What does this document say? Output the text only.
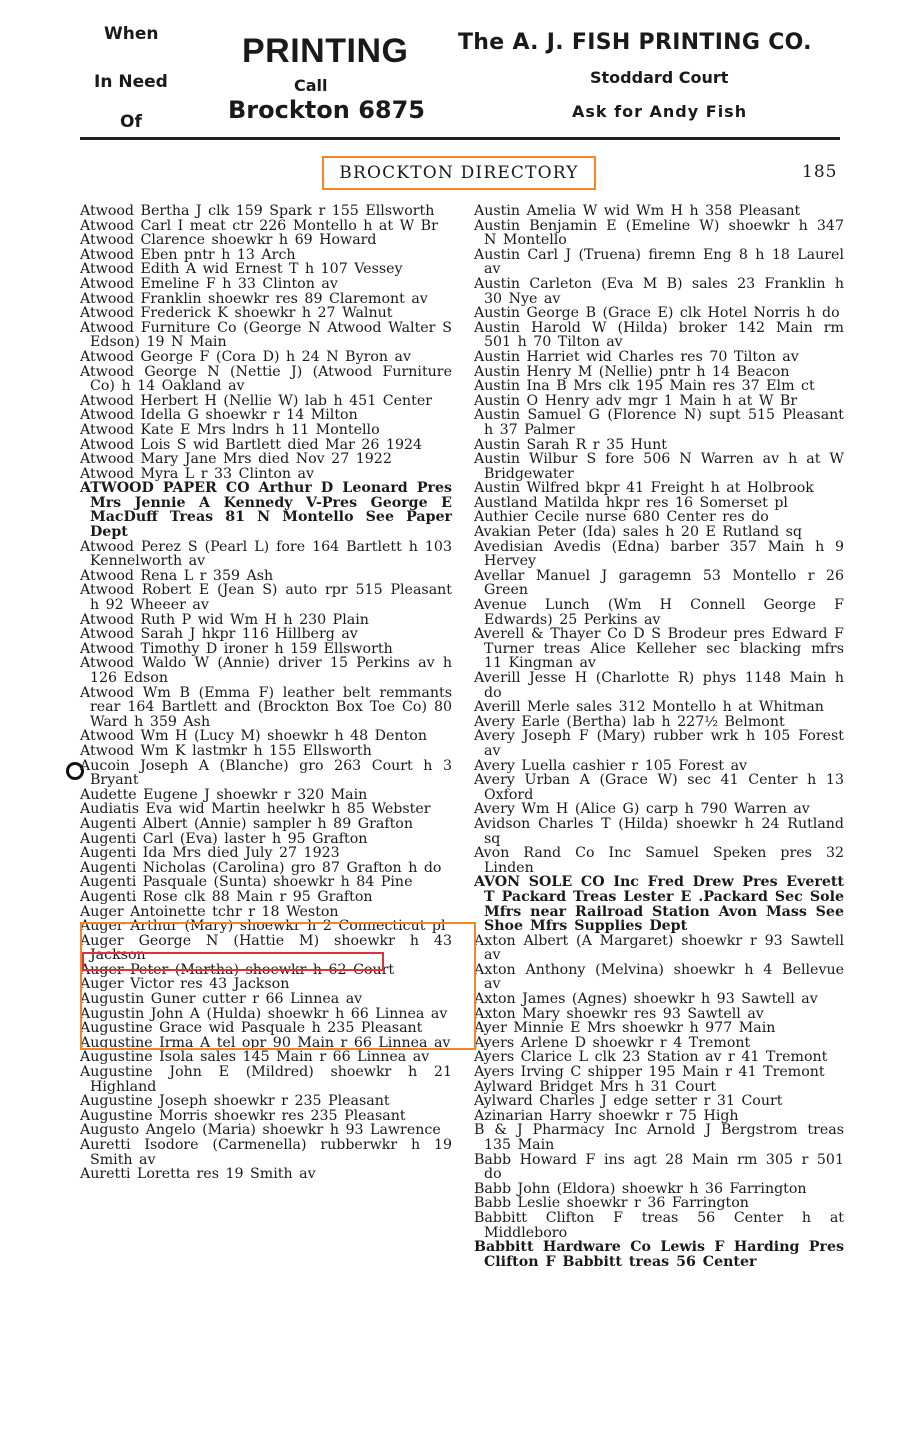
When
In Need
Of
PRINTING
Call
Brockton 6875
The A. J. FISH PRINTING CO.
Stoddard Court
Ask for Andy Fish
BROCKTON DIRECTORY	185
Atwood Bertha J clk 159 Spark r 155 Ellsworth
Atwood Carl I meat ctr 226 Montello h at W Br
Atwood Clarence shoewkr h 69 Howard
Atwood Eben pntr h 13 Arch
Atwood Edith A wid Ernest T h 107 Vessey
Atwood Emeline F h 33 Clinton av
Atwood Franklin shoewkr res 89 Claremont av
Atwood Frederick K shoewkr h 27 Walnut
Atwood Furniture Co (George N Atwood Walter S Edson) 19 N Main
Atwood George F (Cora D) h 24 N Byron av
Atwood George N (Nettie J) (Atwood Furniture Co) h 14 Oakland av
Atwood Herbert H (Nellie W) lab h 451 Center
Atwood Idella G shoewkr r 14 Milton
Atwood Kate E Mrs lndrs h 11 Montello
Atwood Lois S wid Bartlett died Mar 26 1924
Atwood Mary Jane Mrs died Nov 27 1922
Atwood Myra L r 33 Clinton av
ATWOOD PAPER CO Arthur D Leonard Pres Mrs Jennie A Kennedy V-Pres George E MacDuff Treas 81 N Montello See Paper Dept
Atwood Perez S (Pearl L) fore 164 Bartlett h 103 Kennelworth av
Atwood Rena L r 359 Ash
Atwood Robert E (Jean S) auto rpr 515 Pleasant h 92 Wheeer av
Atwood Ruth P wid Wm H h 230 Plain
Atwood Sarah J hkpr 116 Hillberg av
Atwood Timothy D ironer h 159 Ellsworth
Atwood Waldo W (Annie) driver 15 Perkins av h 126 Edson
Atwood Wm B (Emma F) leather belt remmants rear 164 Bartlett and (Brockton Box Toe Co) 80 Ward h 359 Ash
Atwood Wm H (Lucy M) shoewkr h 48 Denton
Atwood Wm K lastmkr h 155 Ellsworth
Aucoin Joseph A (Blanche) gro 263 Court h 3 Bryant
Audette Eugene J shoewkr r 320 Main
Audiatis Eva wid Martin heelwkr h 85 Webster
Augenti Albert (Annie) sampler h 89 Grafton
Augenti Carl (Eva) laster h 95 Grafton
Augenti Ida Mrs died July 27 1923
Augenti Nicholas (Carolina) gro 87 Grafton h do
Augenti Pasquale (Sunta) shoewkr h 84 Pine
Augenti Rose clk 88 Main r 95 Grafton
Auger Antoinette tchr r 18 Weston
Auger Arthur (Mary) shoewkr h 2 Connecticut pl
Auger George N (Hattie M) shoewkr h 43 Jackson
Auger Peter (Martha) shoewkr h 62 Court
Auger Victor res 43 Jackson
Augustin Guner cutter r 66 Linnea av
Augustin John A (Hulda) shoewkr h 66 Linnea av
Augustine Grace wid Pasquale h 235 Pleasant
Augustine Irma A tel opr 90 Main r 66 Linnea av
Augustine Isola sales 145 Main r 66 Linnea av
Augustine John E (Mildred) shoewkr h 21 Highland
Augustine Joseph shoewkr r 235 Pleasant
Augustine Morris shoewkr res 235 Pleasant
Augusto Angelo (Maria) shoewkr h 93 Lawrence
Auretti Isodore (Carmenella) rubberwkr h 19 Smith av
Auretti Loretta res 19 Smith av
Austin Amelia W wid Wm H h 358 Pleasant
Austin Benjamin E (Emeline W) shoewkr h 347 N Montello
Austin Carl J (Truena) firemn Eng 8 h 18 Laurel av
Austin Carleton (Eva M B) sales 23 Franklin h 30 Nye av
Austin George B (Grace E) clk Hotel Norris h do
Austin Harold W (Hilda) broker 142 Main rm 501 h 70 Tilton av
Austin Harriet wid Charles res 70 Tilton av
Austin Henry M (Nellie) pntr h 14 Beacon
Austin Ina B Mrs clk 195 Main res 37 Elm ct
Austin O Henry adv mgr 1 Main h at W Br
Austin Samuel G (Florence N) supt 515 Pleasant h 37 Palmer
Austin Sarah R r 35 Hunt
Austin Wilbur S fore 506 N Warren av h at W Bridgewater
Austin Wilfred bkpr 41 Freight h at Holbrook
Austland Matilda hkpr res 16 Somerset pl
Authier Cecile nurse 680 Center res do
Avakian Peter (Ida) sales h 20 E Rutland sq
Avedisian Avedis (Edna) barber 357 Main h 9 Hervey
Avellar Manuel J garagemn 53 Montello r 26 Green
Avenue Lunch (Wm H Connell George F Edwards) 25 Perkins av
Averell & Thayer Co D S Brodeur pres Edward F Turner treas Alice Kelleher sec blacking mfrs 11 Kingman av
Averill Jesse H (Charlotte R) phys 1148 Main h do
Averill Merle sales 312 Montello h at Whitman
Avery Earle (Bertha) lab h 227½ Belmont
Avery Joseph F (Mary) rubber wrk h 105 Forest av
Avery Luella cashier r 105 Forest av
Avery Urban A (Grace W) sec 41 Center h 13 Oxford
Avery Wm H (Alice G) carp h 790 Warren av
Avidson Charles T (Hilda) shoewkr h 24 Rutland sq
Avon Rand Co Inc Samuel Speken pres 32 Linden
AVON SOLE CO Inc Fred Drew Pres Everett T Packard Treas Lester E .Packard Sec Sole Mfrs near Railroad Station Avon Mass See Shoe Mfrs Supplies Dept
Axton Albert (A Margaret) shoewkr r 93 Sawtell av
Axton Anthony (Melvina) shoewkr h 4 Bellevue av
Axton James (Agnes) shoewkr h 93 Sawtell av
Axton Mary shoewkr res 93 Sawtell av
Ayer Minnie E Mrs shoewkr h 977 Main
Ayers Arlene D shoewkr r 4 Tremont
Ayers Clarice L clk 23 Station av r 41 Tremont
Ayers Irving C shipper 195 Main r 41 Tremont
Aylward Bridget Mrs h 31 Court
Aylward Charles J edge setter r 31 Court
Azinarian Harry shoewkr r 75 High
B & J Pharmacy Inc Arnold J Bergstrom treas 135 Main
Babb Howard F ins agt 28 Main rm 305 r 501 do
Babb John (Eldora) shoewkr h 36 Farrington
Babb Leslie shoewkr r 36 Farrington
Babbitt Clifton F treas 56 Center h at Middleboro
Babbitt Hardware Co Lewis F Harding Pres Clifton F Babbitt treas 56 Center
